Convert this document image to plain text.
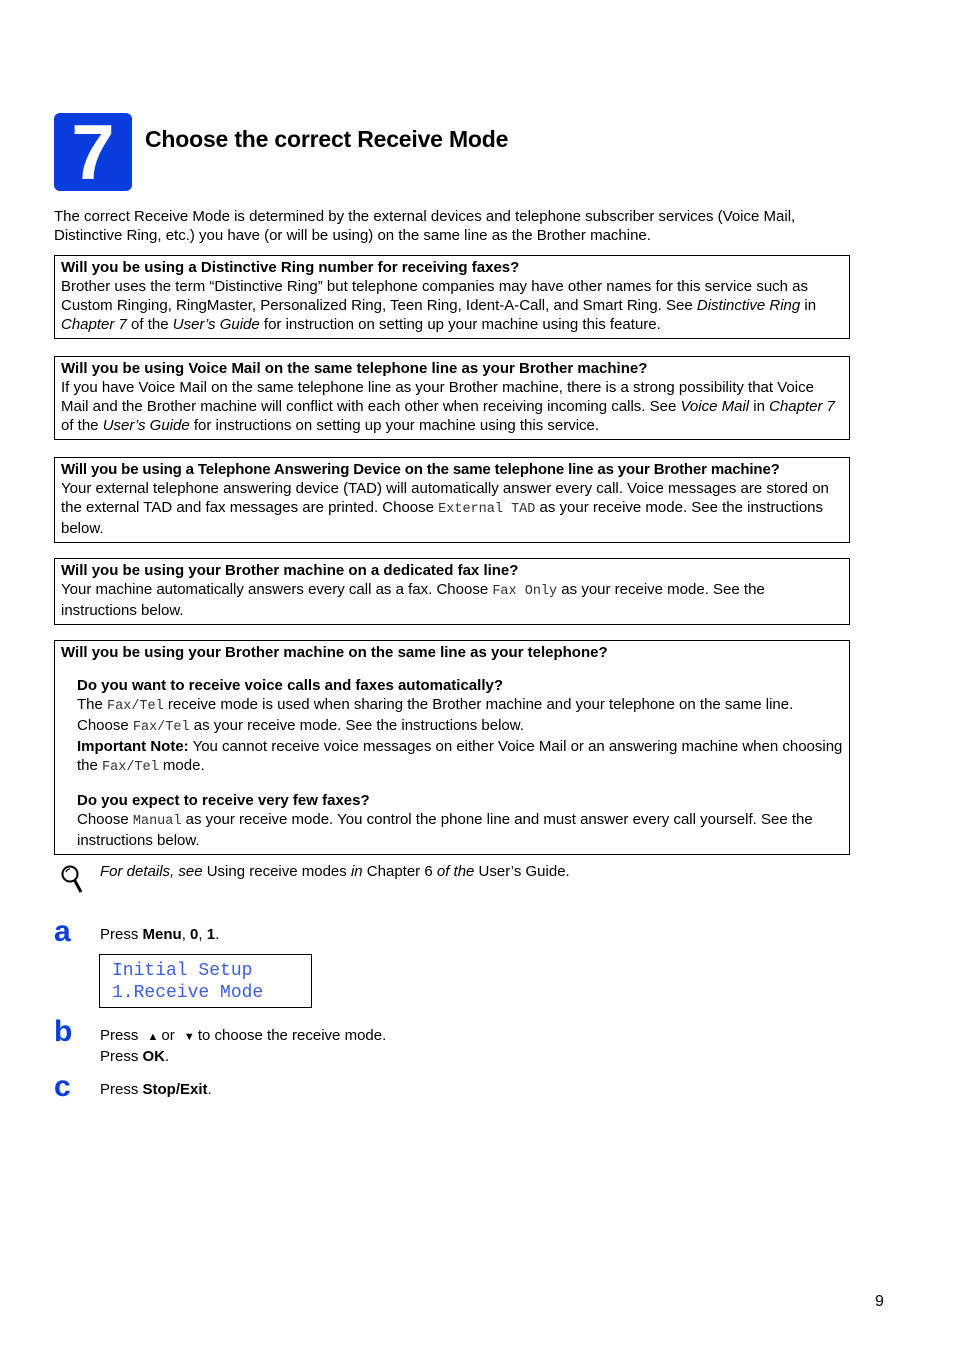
7	Choose the correct Receive Mode
The correct Receive Mode is determined by the external devices and telephone subscriber services (Voice Mail, Distinctive Ring, etc.) you have (or will be using) on the same line as the Brother machine.
Will you be using a Distinctive Ring number for receiving faxes?
Brother uses the term “Distinctive Ring” but telephone companies may have other names for this service such as Custom Ringing, RingMaster, Personalized Ring, Teen Ring, Ident-A-Call, and Smart Ring. See Distinctive Ring in Chapter 7 of the User’s Guide for instruction on setting up your machine using this feature.
Will you be using Voice Mail on the same telephone line as your Brother machine?
If you have Voice Mail on the same telephone line as your Brother machine, there is a strong possibility that Voice Mail and the Brother machine will conflict with each other when receiving incoming calls. See Voice Mail in Chapter 7 of the User’s Guide for instructions on setting up your machine using this service.
Will you be using a Telephone Answering Device on the same telephone line as your Brother machine?
Your external telephone answering device (TAD) will automatically answer every call. Voice messages are stored on the external TAD and fax messages are printed. Choose External TAD as your receive mode. See the instructions below.
Will you be using your Brother machine on a dedicated fax line?
Your machine automatically answers every call as a fax. Choose Fax Only as your receive mode. See the instructions below.
Will you be using your Brother machine on the same line as your telephone?
Do you want to receive voice calls and faxes automatically?
The Fax/Tel receive mode is used when sharing the Brother machine and your telephone on the same line. Choose Fax/Tel as your receive mode. See the instructions below.
Important Note: You cannot receive voice messages on either Voice Mail or an answering machine when choosing the Fax/Tel mode.
Do you expect to receive very few faxes?
Choose Manual as your receive mode. You control the phone line and must answer every call yourself. See the instructions below.
For details, see Using receive modes in Chapter 6 of the User’s Guide.
a Press Menu, 0, 1.
Initial Setup
1.Receive Mode
b Press ▲ or ▼ to choose the receive mode.
Press OK.
c Press Stop/Exit.
9
